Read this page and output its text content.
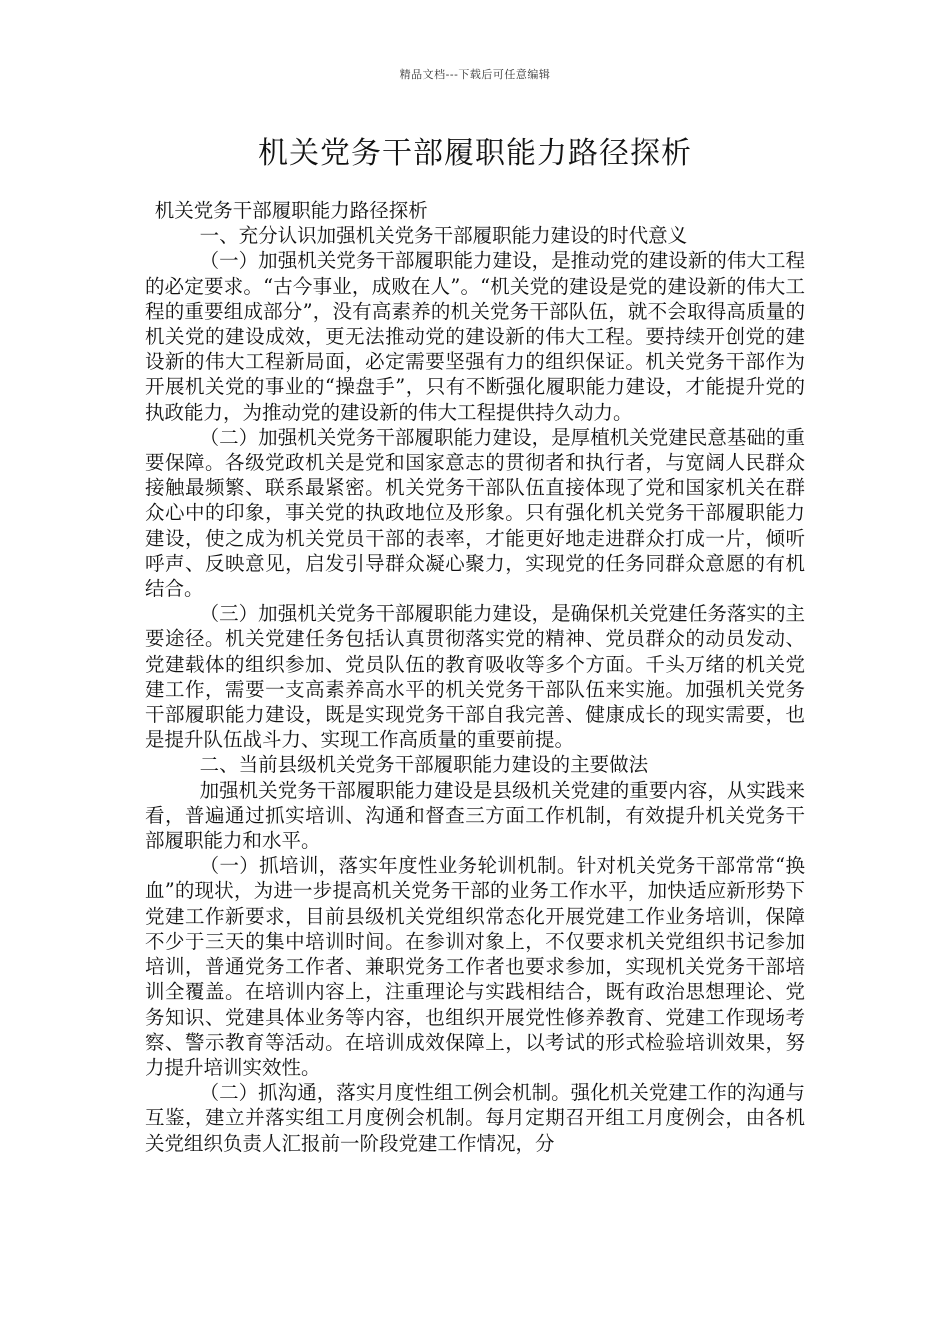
精品文档---下载后可任意编辑
机关党务干部履职能力路径探析

机关党务干部履职能力路径探析

一、充分认识加强机关党务干部履职能力建设的时代意义

（一）加强机关党务干部履职能力建设，是推动党的建设新的伟大工程的必定要求。“古今事业，成败在人”。“机关党的建设是党的建设新的伟大工程的重要组成部分”，没有高素养的机关党务干部队伍，就不会取得高质量的机关党的建设成效，更无法推动党的建设新的伟大工程。要持续开创党的建设新的伟大工程新局面，必定需要坚强有力的组织保证。机关党务干部作为开展机关党的事业的“操盘手”，只有不断强化履职能力建设，才能提升党的执政能力，为推动党的建设新的伟大工程提供持久动力。

（二）加强机关党务干部履职能力建设，是厚植机关党建民意基础的重要保障。各级党政机关是党和国家意志的贯彻者和执行者，与宽阔人民群众接触最频繁、联系最紧密。机关党务干部队伍直接体现了党和国家机关在群众心中的印象，事关党的执政地位及形象。只有强化机关党务干部履职能力建设，使之成为机关党员干部的表率，才能更好地走进群众打成一片，倾听呼声、反映意见，启发引导群众凝心聚力，实现党的任务同群众意愿的有机结合。

（三）加强机关党务干部履职能力建设，是确保机关党建任务落实的主要途径。机关党建任务包括认真贯彻落实党的精神、党员群众的动员发动、党建载体的组织参加、党员队伍的教育吸收等多个方面。千头万绪的机关党建工作，需要一支高素养高水平的机关党务干部队伍来实施。加强机关党务干部履职能力建设，既是实现党务干部自我完善、健康成长的现实需要，也是提升队伍战斗力、实现工作高质量的重要前提。

二、当前县级机关党务干部履职能力建设的主要做法

加强机关党务干部履职能力建设是县级机关党建的重要内容，从实践来看，普遍通过抓实培训、沟通和督查三方面工作机制，有效提升机关党务干部履职能力和水平。

（一）抓培训，落实年度性业务轮训机制。针对机关党务干部常常“换血”的现状，为进一步提高机关党务干部的业务工作水平，加快适应新形势下党建工作新要求，目前县级机关党组织常态化开展党建工作业务培训，保障不少于三天的集中培训时间。在参训对象上，不仅要求机关党组织书记参加培训，普通党务工作者、兼职党务工作者也要求参加，实现机关党务干部培训全覆盖。在培训内容上，注重理论与实践相结合，既有政治思想理论、党务知识、党建具体业务等内容，也组织开展党性修养教育、党建工作现场考察、警示教育等活动。在培训成效保障上，以考试的形式检验培训效果，努力提升培训实效性。

（二）抓沟通，落实月度性组工例会机制。强化机关党建工作的沟通与互鉴，建立并落实组工月度例会机制。每月定期召开组工月度例会，由各机关党组织负责人汇报前一阶段党建工作情况，分
